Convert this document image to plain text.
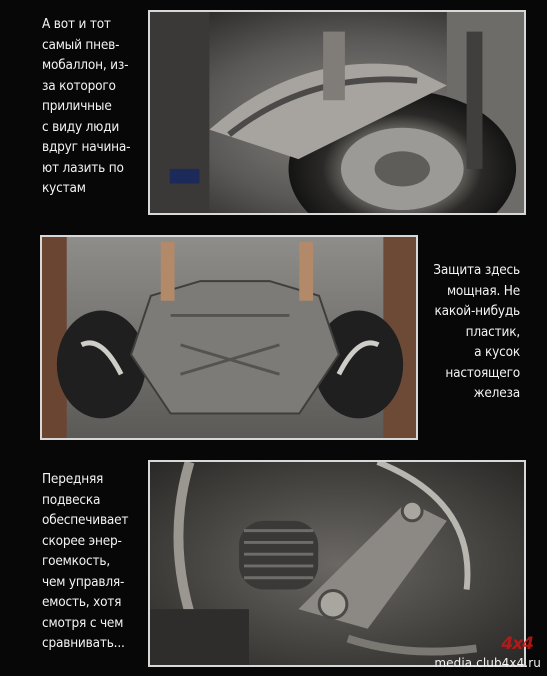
А вот и тот
самый пнев-
мобаллон, из-
за которого
приличные
с виду люди
вдруг начина-
ют лазить по
кустам
Защита здесь
мощная. Не
какой-нибудь
пластик,
а кусок
настоящего
железа
Передняя
подвеска
обеспечивает
скорее энер-
гоемкость,
чем управля-
емость, хотя
смотря с чем
сравнивать...	4x4
media.club4x4.ru
